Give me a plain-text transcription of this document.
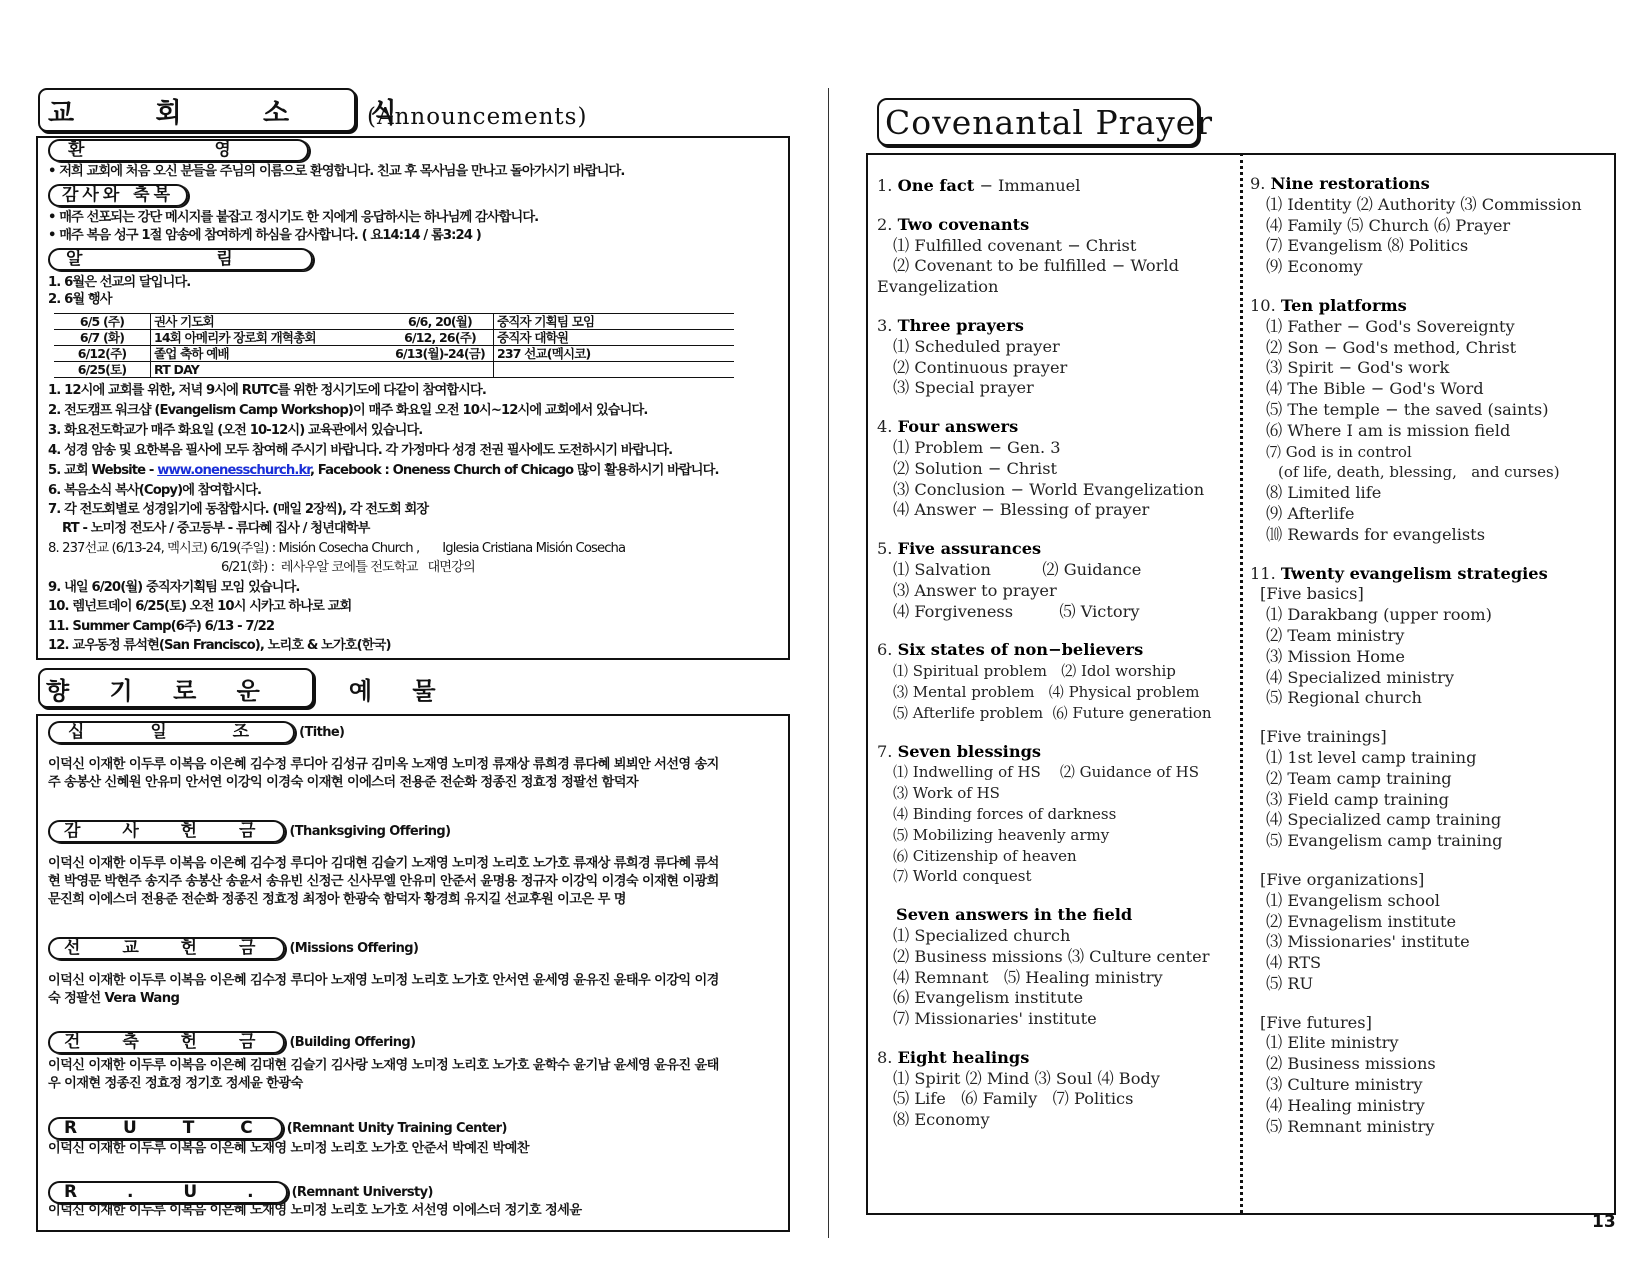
교 회 소 식
(Announcements)
환 영
• 저희 교회에 처음 오신 분들을 주님의 이름으로 환영합니다. 친교 후 목사님을 만나고 돌아가시기 바랍니다.
감사와 축복
• 매주 선포되는 강단 메시지를 붙잡고 정시기도 한 지에게 응답하시는 하나님께 감사합니다.
• 매주 복음 성구 1절 암송에 참여하게 하심을 감사합니다. ( 요14:14 / 롬3:24 )
알 림
1. 6월은 선교의 달입니다.
2. 6월 행사
6/5 (주)	권사 기도회	6/6, 20(월)	중직자 기획팀 모임
6/7 (화)	14회 아메리카 장로회 개혁총회	6/12, 26(주)	중직자 대학원
6/12(주)	졸업 축하 예배	6/13(월)-24(금)	237 선교(멕시코)
6/25(토)	RT DAY		
1. 12시에 교회를 위한, 저녁 9시에 RUTC를 위한 정시기도에 다같이 참여합시다.
2. 전도캠프 워크샵 (Evangelism Camp Workshop)이 매주 화요일 오전 10시~12시에 교회에서 있습니다.
3. 화요전도학교가 매주 화요일 (오전 10-12시) 교육관에서 있습니다.
4. 성경 암송 및 요한복음 필사에 모두 참여해 주시기 바랍니다. 각 가정마다 성경 전권 필사에도 도전하시기 바랍니다.
5. 교회 Website - www.onenesschurch.kr, Facebook : Oneness Church of Chicago 많이 활용하시기 바랍니다.
6. 복음소식 복사(Copy)에 참여합시다.
7. 각 전도회별로 성경읽기에 동참합시다. (매일 2장씩), 각 전도회 회장
RT - 노미정 전도사 / 중고등부 - 류다혜 집사 / 청년대학부
8. 237선교 (6/13-24, 멕시코) 6/19(주일) : Misión Cosecha Church ,       Iglesia Cristiana Misión Cosecha
6/21(화) :  레사우알 코에틀 전도학교   대면강의
9. 내일 6/20(월) 중직자기획팀 모임 있습니다.
10. 렘넌트데이 6/25(토) 오전 10시 시카고 하나로 교회
11. Summer Camp(6주) 6/13 - 7/22
12. 교우동정 류석현(San Francisco), 노리호 & 노가호(한국)
향 기 로 운   예 물
십 일 조	(Tithe)
이덕신 이재한 이두루 이복음 이은혜 김수정 루디아 김성규 김미옥 노재영 노미정 류재상 류희경 류다혜 뵈뵈안 서선영 송지주 송봉산 신혜원 안유미 안서연 이강익 이경숙 이재현 이에스더 전용준 전순화 정종진 정효정 정팔선 함덕자
감 사 헌 금	(Thanksgiving Offering)
이덕신 이재한 이두루 이복음 이은혜 김수정 루디아 김대현 김슬기 노재영 노미정 노리호 노가호 류재상 류희경 류다혜 류석현 박영문 박현주 송지주 송봉산 송윤서 송유빈 신정근 신사무엘 안유미 안준서 윤명용 정규자 이강익 이경숙 이재현 이광희 문진희 이에스더 전용준 전순화 정종진 정효정 최정아 한광숙 함덕자 황경희 유지길 선교후원 이고은 무 명
선 교 헌 금	(Missions Offering)
이덕신 이재한 이두루 이복음 이은혜 김수정 루디아 노재영 노미정 노리호 노가호 안서연 윤세영 윤유진 윤태우 이강익 이경숙 정팔선 Vera Wang
건 축 헌 금	(Building Offering)
이덕신 이재한 이두루 이복음 이은혜 김대현 김슬기 김사랑 노재영 노미정 노리호 노가호 윤학수 윤기남 윤세영 윤유진 윤태우 이재현 정종진 정효정 정기호 정세윤 한광숙
R U T C	(Remnant Unity Training Center)
이덕신 이재한 이두루 이복음 이은혜 노재영 노미정 노리호 노가호 안준서 박예진 박예찬
R . U .	(Remnant Universty)
이덕신 이재한 이두루 이복음 이은혜 노재영 노미정 노리호 노가호 서선영 이에스더 정기호 정세윤
Covenantal Prayer
1. One fact − Immanuel
2. Two covenants
⑴ Fulfilled covenant − Christ
⑵ Covenant to be fulfilled − World
Evangelization
3. Three prayers
⑴ Scheduled prayer
⑵ Continuous prayer
⑶ Special prayer
4. Four answers
⑴ Problem − Gen. 3
⑵ Solution − Christ
⑶ Conclusion − World Evangelization
⑷ Answer − Blessing of prayer
5. Five assurances
⑴ Salvation          ⑵ Guidance
⑶ Answer to prayer
⑷ Forgiveness         ⑸ Victory
6. Six states of non−believers
⑴ Spiritual problem   ⑵ Idol worship
⑶ Mental problem   ⑷ Physical problem
⑸ Afterlife problem  ⑹ Future generation
7. Seven blessings
⑴ Indwelling of HS    ⑵ Guidance of HS
⑶ Work of HS
⑷ Binding forces of darkness
⑸ Mobilizing heavenly army
⑹ Citizenship of heaven
⑺ World conquest
Seven answers in the field
⑴ Specialized church
⑵ Business missions ⑶ Culture center
⑷ Remnant   ⑸ Healing ministry
⑹ Evangelism institute
⑺ Missionaries' institute
8. Eight healings
⑴ Spirit ⑵ Mind ⑶ Soul ⑷ Body
⑸ Life   ⑹ Family   ⑺ Politics
⑻ Economy
9. Nine restorations
⑴ Identity ⑵ Authority ⑶ Commission
⑷ Family ⑸ Church ⑹ Prayer
⑺ Evangelism ⑻ Politics
⑼ Economy
10. Ten platforms
⑴ Father − God's Sovereignty
⑵ Son − God's method, Christ
⑶ Spirit − God's work
⑷ The Bible − God's Word
⑸ The temple − the saved (saints)
⑹ Where I am is mission field
⑺ God is in control
(of life, death, blessing,   and curses)
⑻ Limited life
⑼ Afterlife
⑽ Rewards for evangelists
11. Twenty evangelism strategies
[Five basics]
⑴ Darakbang (upper room)
⑵ Team ministry
⑶ Mission Home
⑷ Specialized ministry
⑸ Regional church
[Five trainings]
⑴ 1st level camp training
⑵ Team camp training
⑶ Field camp training
⑷ Specialized camp training
⑸ Evangelism camp training
[Five organizations]
⑴ Evangelism school
⑵ Evnagelism institute
⑶ Missionaries' institute
⑷ RTS
⑸ RU
[Five futures]
⑴ Elite ministry
⑵ Business missions
⑶ Culture ministry
⑷ Healing ministry
⑸ Remnant ministry
13
